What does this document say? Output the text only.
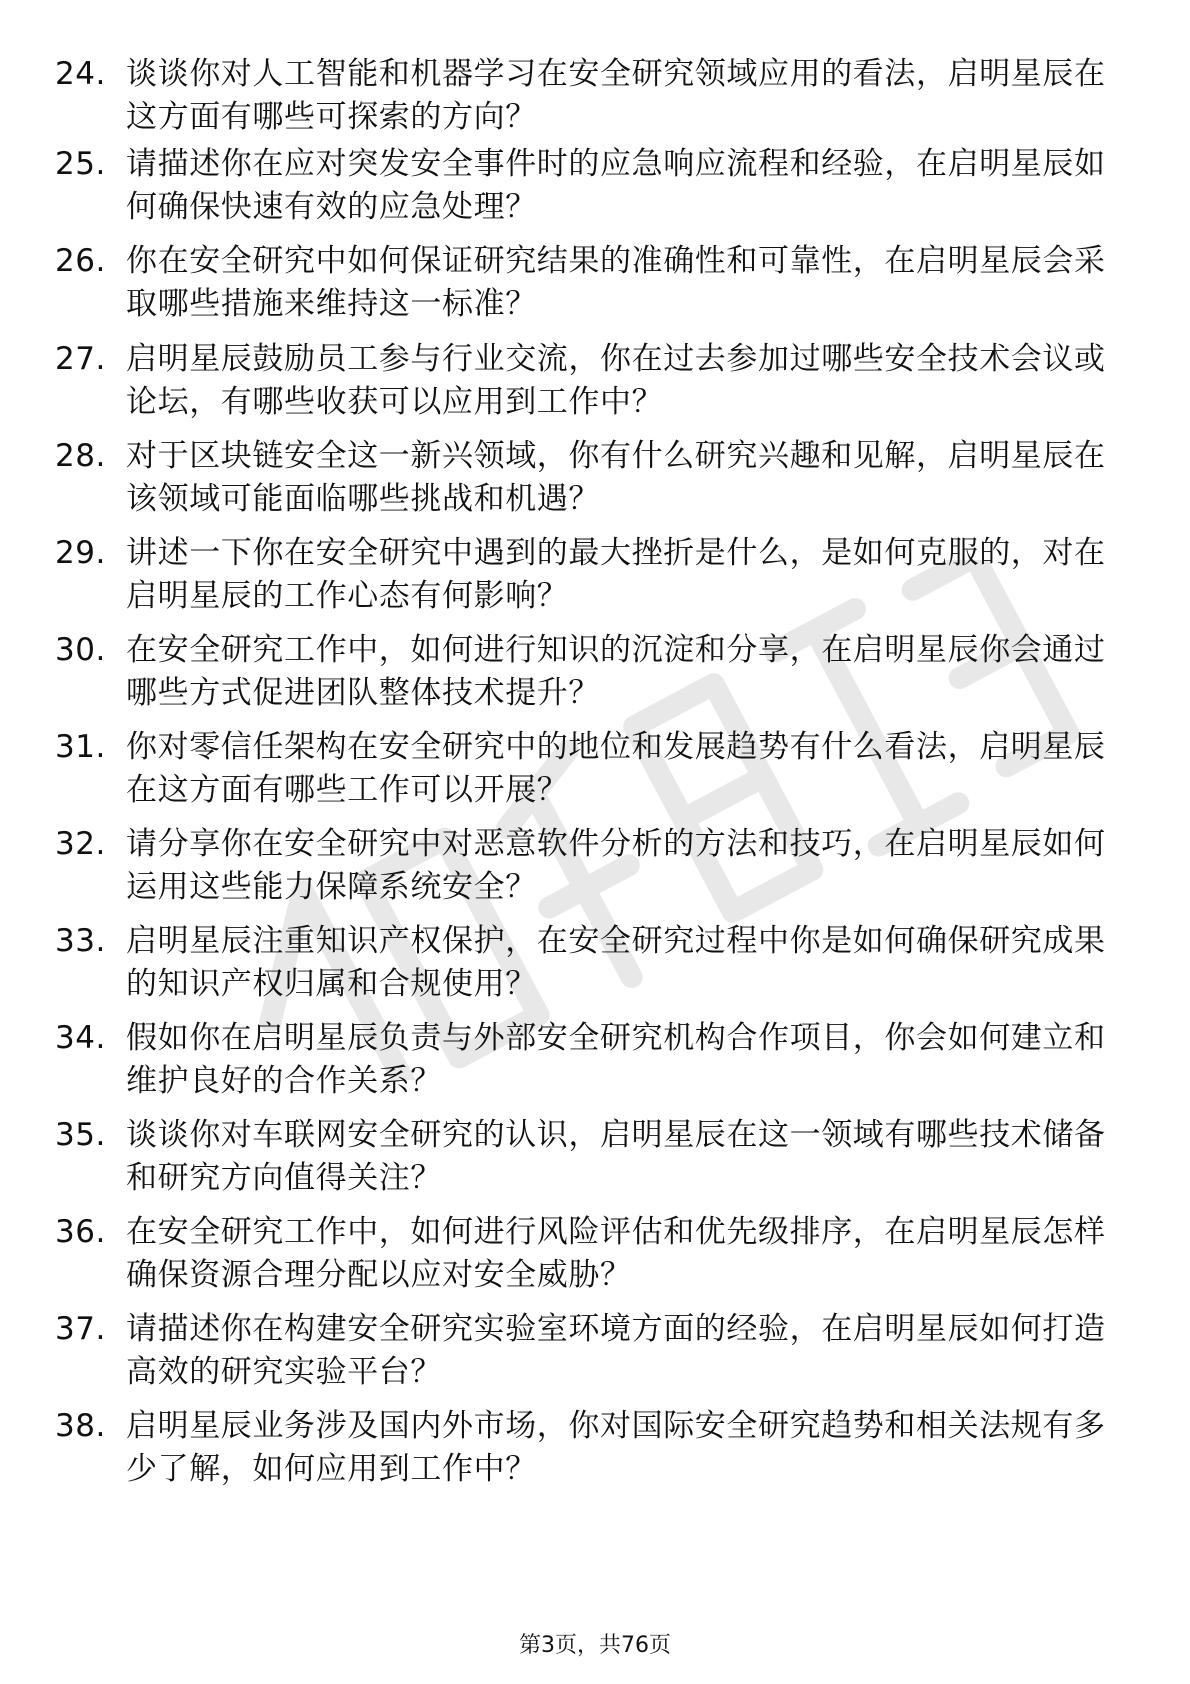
24. 谈谈你对人工智能和机器学习在安全研究领域应用的看法，启明星辰在这方面有哪些可探索的方向？
25. 请描述你在应对突发安全事件时的应急响应流程和经验，在启明星辰如何确保快速有效的应急处理？
26. 你在安全研究中如何保证研究结果的准确性和可靠性，在启明星辰会采取哪些措施来维持这一标准？
27. 启明星辰鼓励员工参与行业交流，你在过去参加过哪些安全技术会议或论坛，有哪些收获可以应用到工作中？
28. 对于区块链安全这一新兴领域，你有什么研究兴趣和见解，启明星辰在该领域可能面临哪些挑战和机遇？
29. 讲述一下你在安全研究中遇到的最大挫折是什么，是如何克服的，对在启明星辰的工作心态有何影响？
30. 在安全研究工作中，如何进行知识的沉淀和分享，在启明星辰你会通过哪些方式促进团队整体技术提升？
31. 你对零信任架构在安全研究中的地位和发展趋势有什么看法，启明星辰在这方面有哪些工作可以开展？
32. 请分享你在安全研究中对恶意软件分析的方法和技巧，在启明星辰如何运用这些能力保障系统安全？
33. 启明星辰注重知识产权保护，在安全研究过程中你是如何确保研究成果的知识产权归属和合规使用？
34. 假如你在启明星辰负责与外部安全研究机构合作项目，你会如何建立和维护良好的合作关系？
35. 谈谈你对车联网安全研究的认识，启明星辰在这一领域有哪些技术储备和研究方向值得关注？
36. 在安全研究工作中，如何进行风险评估和优先级排序，在启明星辰怎样确保资源合理分配以应对安全威胁？
37. 请描述你在构建安全研究实验室环境方面的经验，在启明星辰如何打造高效的研究实验平台？
38. 启明星辰业务涉及国内外市场，你对国际安全研究趋势和相关法规有多少了解，如何应用到工作中？
第3页，共76页
